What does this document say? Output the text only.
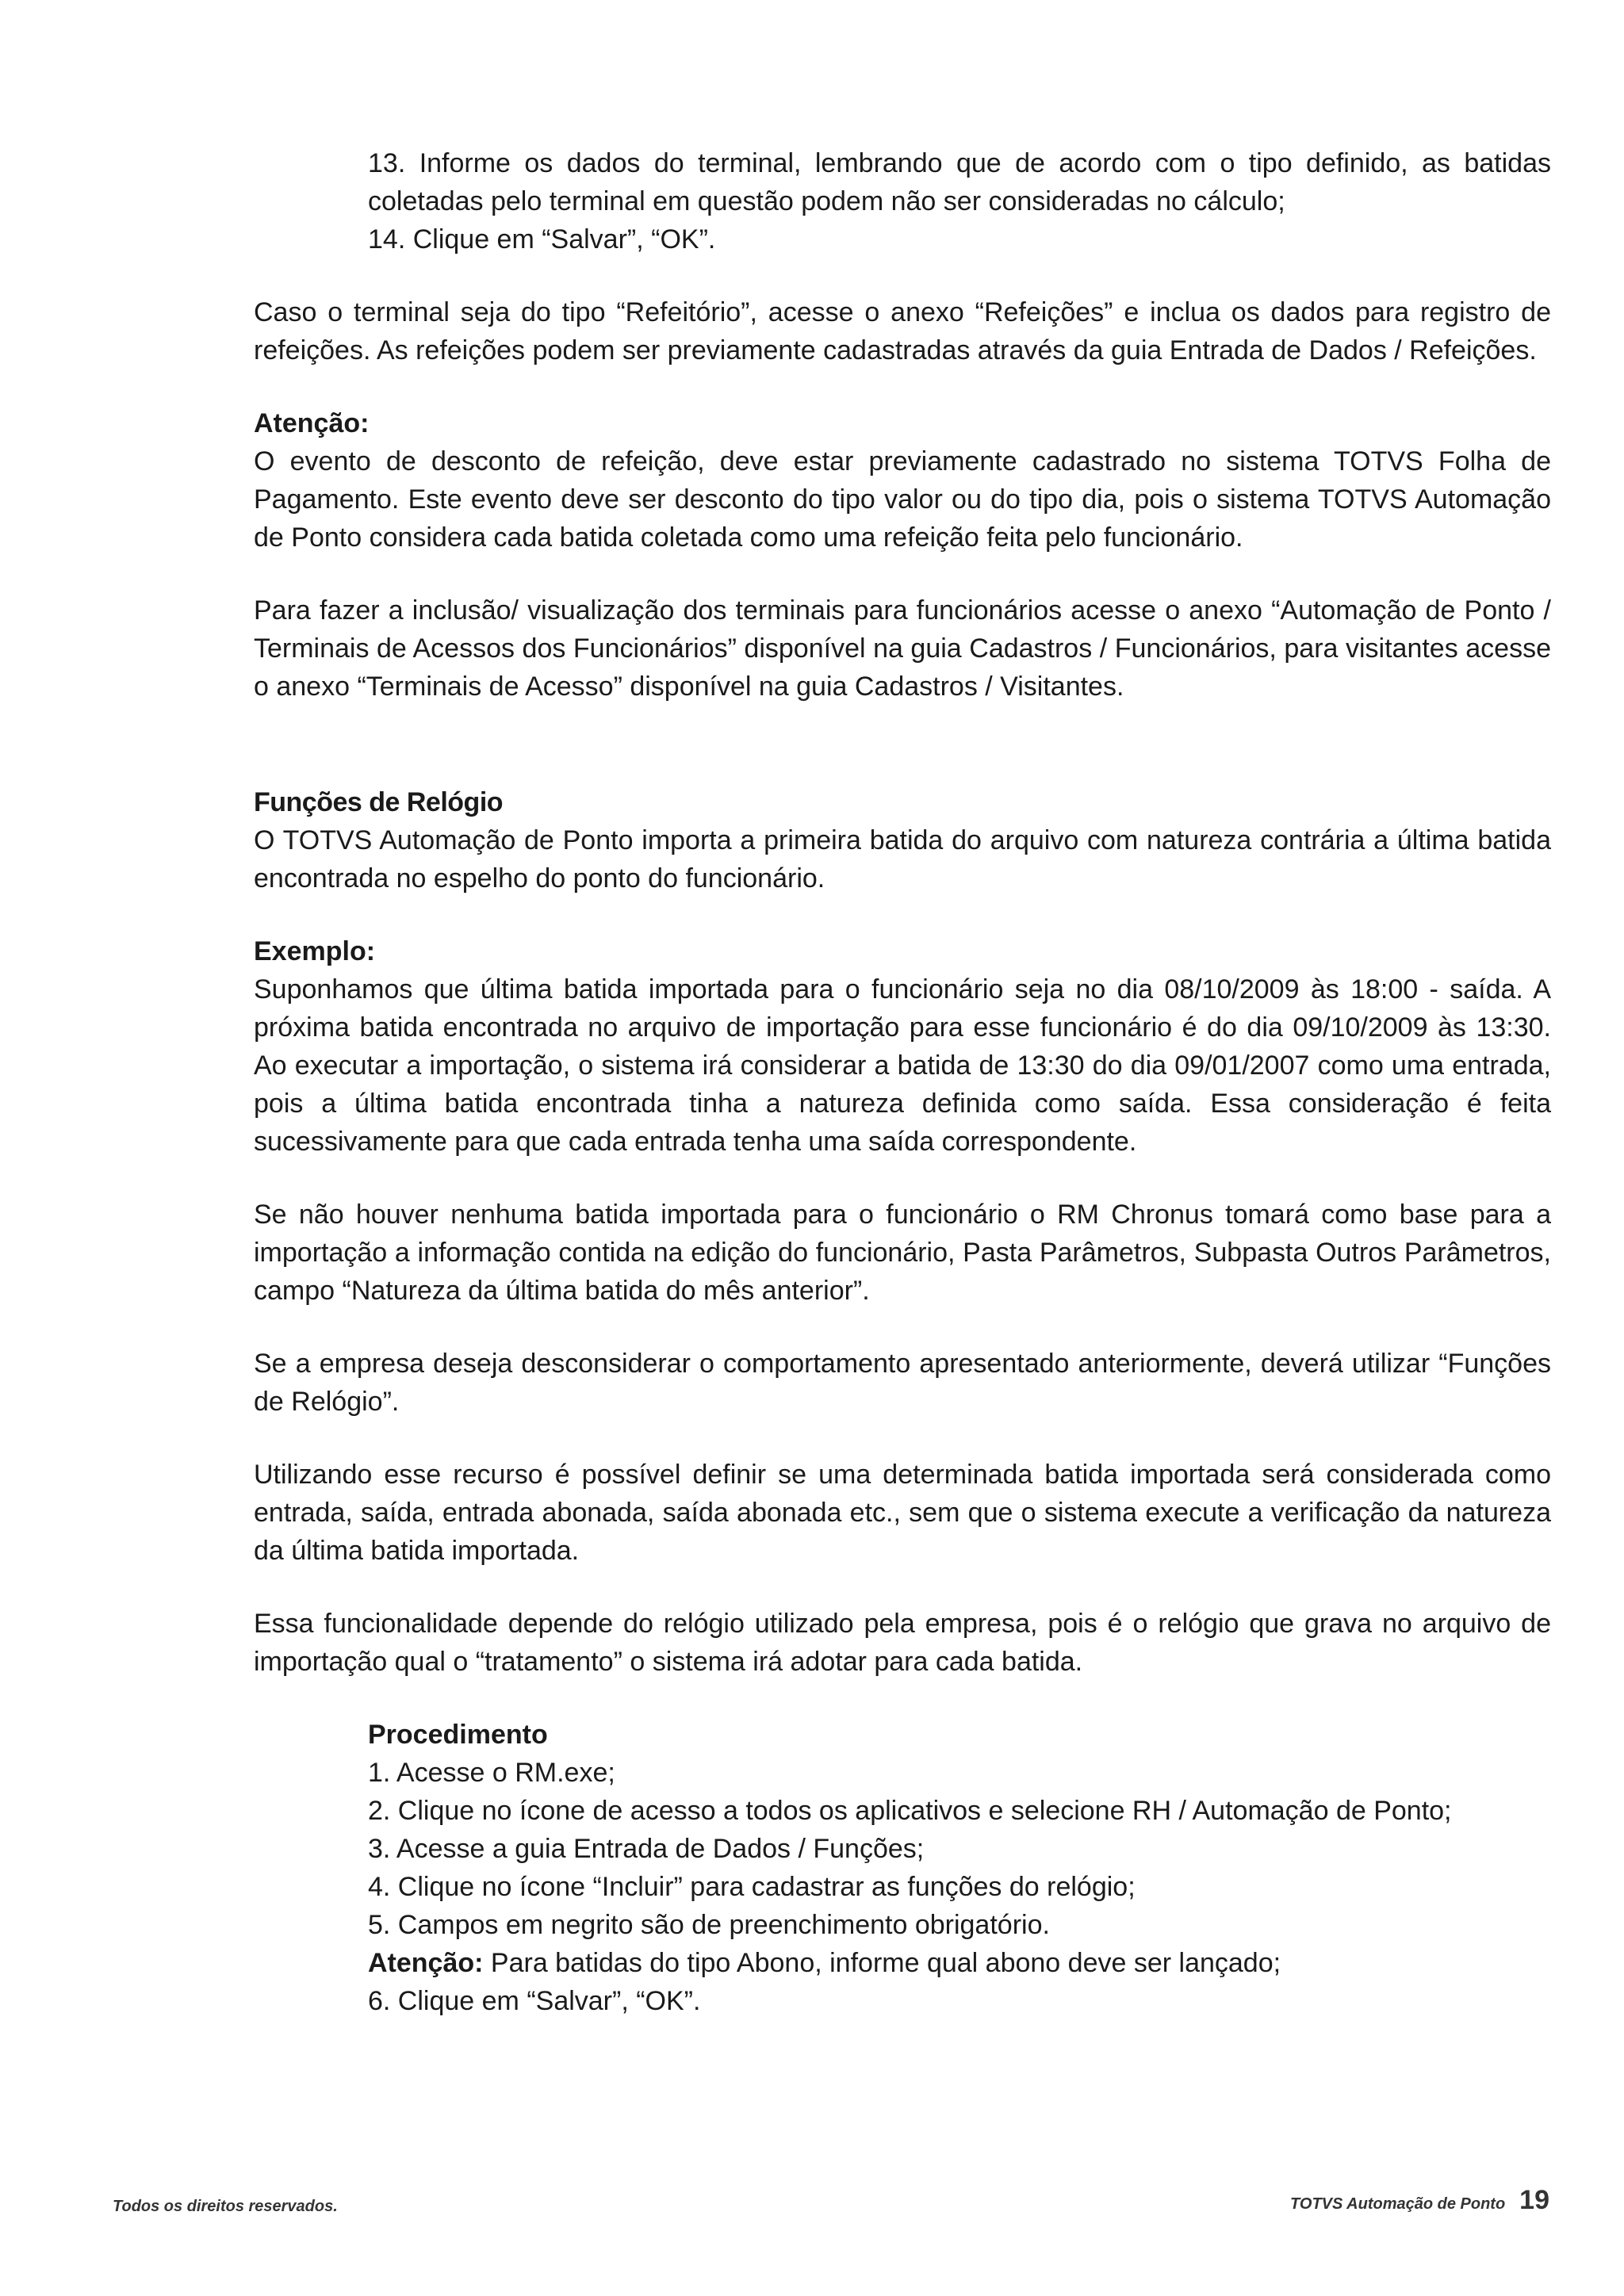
13. Informe os dados do terminal, lembrando que de acordo com o tipo definido, as batidas coletadas pelo terminal em questão podem não ser consideradas no cálculo;

14. Clique em “Salvar”, “OK”.

Caso o terminal seja do tipo “Refeitório”, acesse o anexo “Refeições” e inclua os dados para registro de refeições. As refeições podem ser previamente cadastradas através da guia Entrada de Dados / Refeições.

Atenção:

O evento de desconto de refeição, deve estar previamente cadastrado no sistema TOTVS Folha de Pagamento. Este evento deve ser desconto do tipo valor ou do tipo dia, pois o sistema TOTVS Automação de Ponto considera cada batida coletada como uma refeição feita pelo funcionário.

Para fazer a inclusão/ visualização dos terminais para funcionários acesse o anexo “Automação de Ponto / Terminais de Acessos dos Funcionários” disponível na guia Cadastros / Funcionários, para visitantes acesse o anexo “Terminais de Acesso” disponível na guia Cadastros / Visitantes.

Funções de Relógio

O TOTVS Automação de Ponto importa a primeira batida do arquivo com natureza contrária a última batida encontrada no espelho do ponto do funcionário.

Exemplo:

Suponhamos que última batida importada para o funcionário seja no dia 08/10/2009 às 18:00 - saída. A próxima batida encontrada no arquivo de importação para esse funcionário é do dia 09/10/2009 às 13:30. Ao executar a importação, o sistema irá considerar a batida de 13:30 do dia 09/01/2007 como uma entrada, pois a última batida encontrada tinha a natureza definida como saída. Essa consideração é feita sucessivamente para que cada entrada tenha uma saída correspondente.

Se não houver nenhuma batida importada para o funcionário o RM Chronus tomará como base para a importação a informação contida na edição do funcionário, Pasta Parâmetros, Subpasta Outros Parâmetros, campo “Natureza da última batida do mês anterior”.

Se a empresa deseja desconsiderar o comportamento apresentado anteriormente, deverá utilizar “Funções de Relógio”.

Utilizando esse recurso é possível definir se uma determinada batida importada será considerada como entrada, saída, entrada abonada, saída abonada etc., sem que o sistema execute a verificação da natureza da última batida importada.

Essa funcionalidade depende do relógio utilizado pela empresa, pois é o relógio que grava no arquivo de importação qual o “tratamento” o sistema irá adotar para cada batida.

Procedimento

1. Acesse o RM.exe;

2. Clique no ícone de acesso a todos os aplicativos e selecione RH / Automação de Ponto;

3. Acesse a guia Entrada de Dados / Funções;

4. Clique no ícone “Incluir” para cadastrar as funções do relógio;

5. Campos em negrito são de preenchimento obrigatório.

Atenção: Para batidas do tipo Abono, informe qual abono deve ser lançado;

6. Clique em “Salvar”, “OK”.

Todos os direitos reservados.	TOTVS Automação de Ponto 19
